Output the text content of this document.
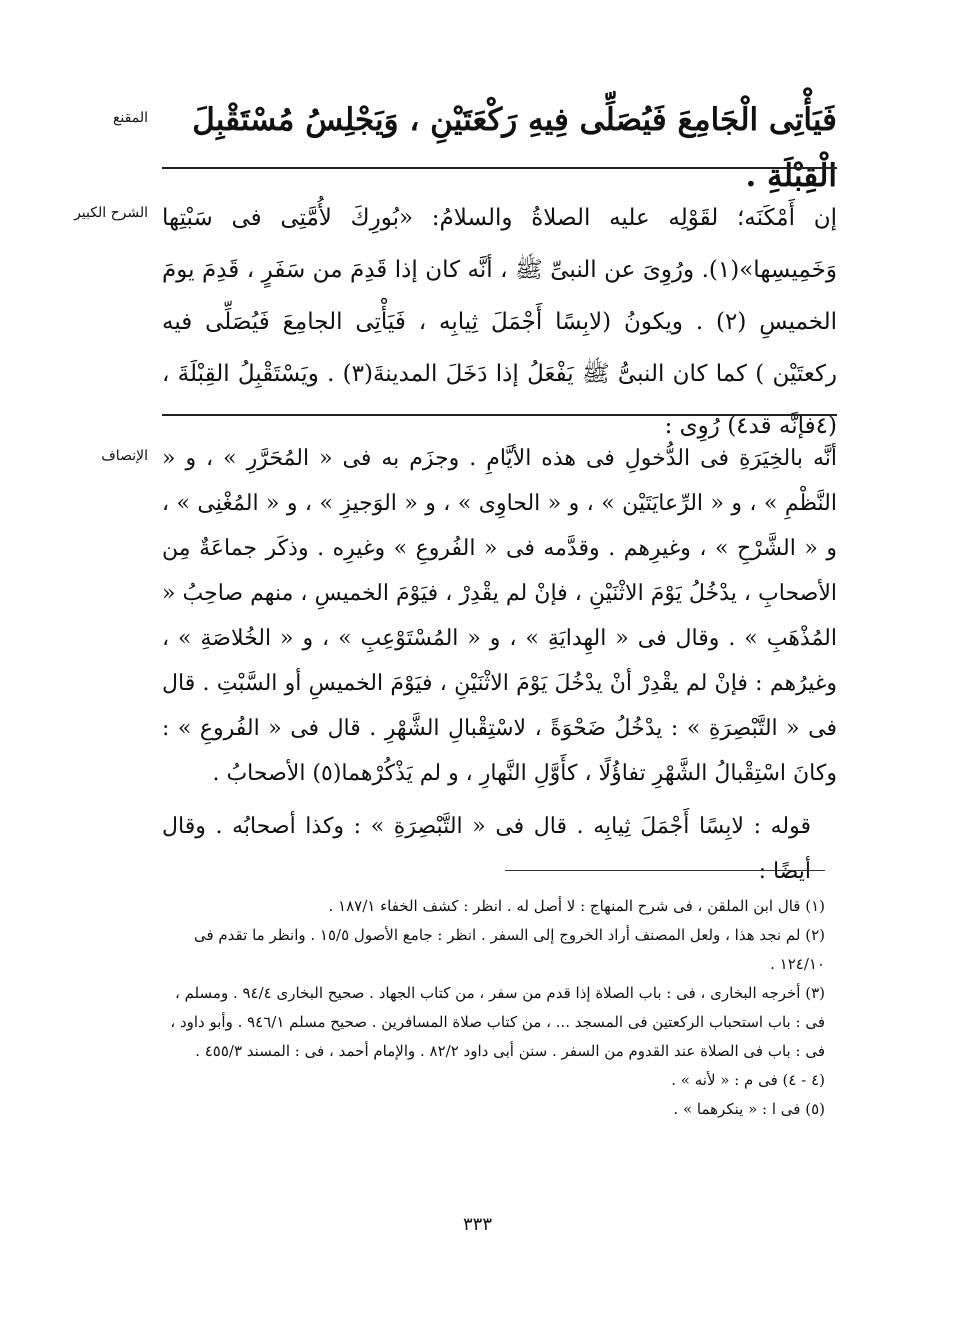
المقنع	فَيَأْتِى الْجَامِعَ فَيُصَلِّى فِيهِ رَكْعَتَيْنِ ، وَيَجْلِسُ مُسْتَقْبِلَ الْقِبْلَةِ .
الشرح الكبير إن أَمْكَنَه؛ لقَوْلِه عليه الصلاةُ والسلامُ: «بُورِكَ لأُمَّتِى فى سَبْتِها وَخَمِيسِها»(١). ورُوِىَ عن النبىِّ ﷺ ، أنَّه كان إذا قَدِمَ من سَفَرٍ ، قَدِمَ يومَ الخميسِ (٢) . ويكونُ (لابِسًا أَجْمَلَ ثِيابِه ، فَيَأْتِى الجامِعَ فَيُصَلِّى فيه ركعتَيْن ) كما كان النبىُّ ﷺ يَفْعَلُ إذا دَخَلَ المدينةَ(٣) . ويَسْتَقْبِلُ القِبْلَةَ ، (٤فإنَّه قد٤) رُوِى :
الإنصاف أنَّه بالخِيَرَةِ فى الدُّخولِ فى هذه الأيَّامِ . وجزَم به فى « المُحَرَّرِ » ، و « النَّظْمِ » ، و « الرِّعايَتَيْن » ، و « الحاوِى » ، و « الوَجيزِ » ، و « المُغْنِى » ، و « الشَّرْحِ » ، وغيرِهم . وقدَّمه فى « الفُروعِ » وغيرِه . وذكَر جماعَةٌ مِن الأصحابِ ، يدْخُلُ يَوْمَ الاثْنَيْنِ ، فإنْ لم يقْدِرْ ، فيَوْمَ الخميسِ ، منهم صاحِبُ « المُذْهَبِ » . وقال فى « الهِدايَةِ » ، و « المُسْتَوْعِبِ » ، و « الخُلاصَةِ » ، وغيرُهم : فإنْ لم يقْدِرْ أنْ يدْخُلَ يَوْمَ الاثْنَيْنِ ، فيَوْمَ الخميسِ أو السَّبْتِ . قال فى « التَّبْصِرَةِ » : يدْخُلُ ضَحْوَةً ، لاسْتِقْبالِ الشَّهْرِ . قال فى « الفُروعِ » : وكانَ اسْتِقْبالُ الشَّهْرِ تفاؤُلًا ، كأَوَّلِ النَّهارِ ، و لم يَذْكُرْهما(٥) الأصحابُ .

قوله : لابِسًا أَجْمَلَ ثِيابِه . قال فى « التَّبْصِرَةِ » : وكذا أصحابُه . وقال أيضًا :

(١) قال ابن الملقن ، فى شرح المنهاج : لا أصل له . انظر : كشف الخفاء ١٨٧/١ .
(٢) لم نجد هذا ، ولعل المصنف أراد الخروج إلى السفر . انظر : جامع الأصول ١٥/٥ . وانظر ما تقدم فى ١٢٤/١٠ .
(٣) أخرجه البخارى ، فى : باب الصلاة إذا قدم من سفر ، من كتاب الجهاد . صحيح البخارى ٩٤/٤ . ومسلم ، فى : باب استحباب الركعتين فى المسجد ... ، من كتاب صلاة المسافرين . صحيح مسلم ٩٤٦/١ . وأبو داود ، فى : باب فى الصلاة عند القدوم من السفر . سنن أبى داود ٨٢/٢ . والإمام أحمد ، فى : المسند ٤٥٥/٣ .
(٤ - ٤) فى م : « لأنه » .
(٥) فى ا : « ينكرهما » .
٣٣٣
